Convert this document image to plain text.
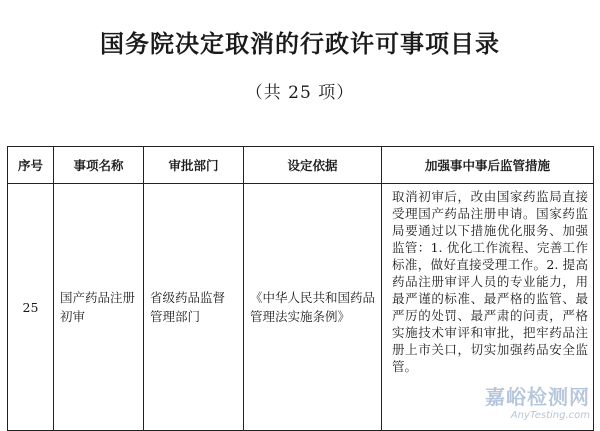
国务院决定取消的行政许可事项目录
（共 25 项）
序号	事项名称	审批部门	设定依据	加强事中事后监管措施
25	国产药品注册初审	省级药品监督管理部门	《中华人民共和国药品管理法实施条例》	取消初审后，改由国家药监局直接受理国产药品注册申请。国家药监局要通过以下措施优化服务、加强监管：1. 优化工作流程、完善工作标准，做好直接受理工作。2. 提高药品注册审评人员的专业能力，用最严谨的标准、最严格的监管、最严厉的处罚、最严肃的问责，严格实施技术审评和审批，把牢药品注册上市关口，切实加强药品安全监管。
嘉峪检测网
AnyTesting.com
